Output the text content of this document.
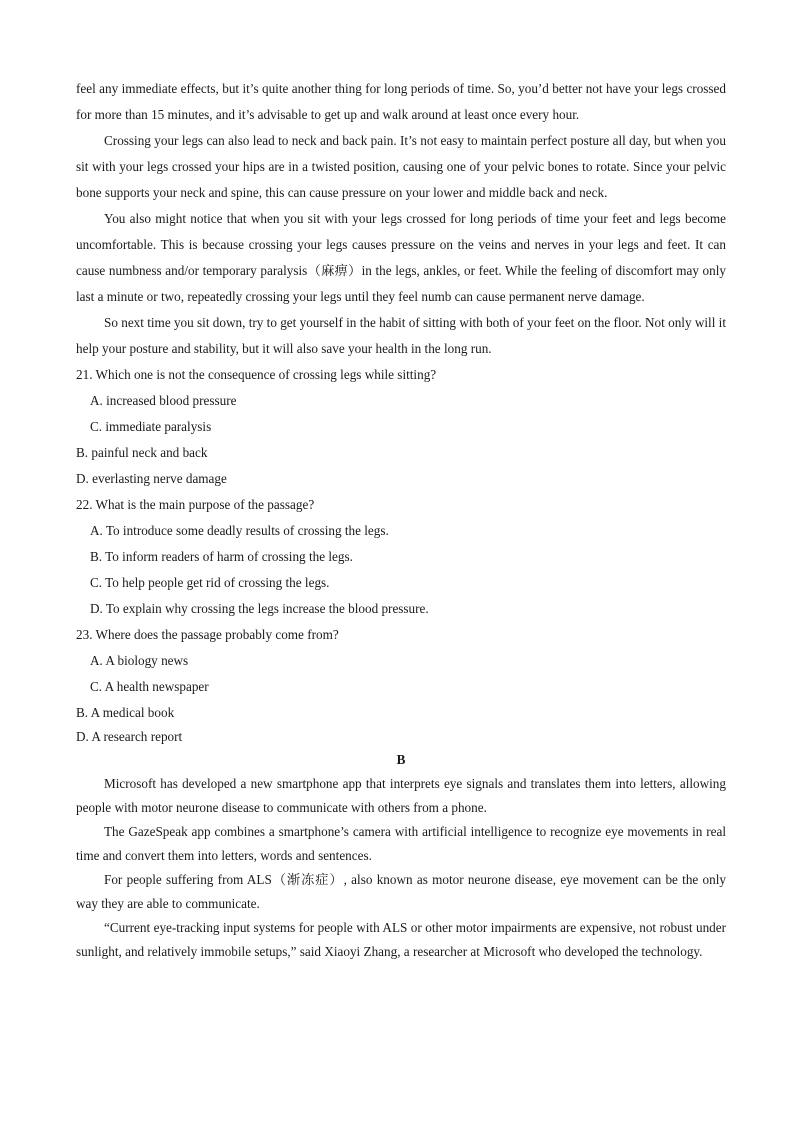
feel any immediate effects, but it’s quite another thing for long periods of time. So, you’d better not have your legs crossed for more than 15 minutes, and it’s advisable to get up and walk around at least once every hour.

Crossing your legs can also lead to neck and back pain. It’s not easy to maintain perfect posture all day, but when you sit with your legs crossed your hips are in a twisted position, causing one of your pelvic bones to rotate. Since your pelvic bone supports your neck and spine, this can cause pressure on your lower and middle back and neck.

You also might notice that when you sit with your legs crossed for long periods of time your feet and legs become uncomfortable. This is because crossing your legs causes pressure on the veins and nerves in your legs and feet. It can cause numbness and/or temporary paralysis（麻痹）in the legs, ankles, or feet. While the feeling of discomfort may only last a minute or two, repeatedly crossing your legs until they feel numb can cause permanent nerve damage.

So next time you sit down, try to get yourself in the habit of sitting with both of your feet on the floor. Not only will it help your posture and stability, but it will also save your health in the long run.

21. Which one is not the consequence of crossing legs while sitting?

A. increased blood pressure

C. immediate paralysis

B. painful neck and back

D. everlasting nerve damage

22. What is the main purpose of the passage?

A. To introduce some deadly results of crossing the legs.

B. To inform readers of harm of crossing the legs.

C. To help people get rid of crossing the legs.

D. To explain why crossing the legs increase the blood pressure.

23. Where does the passage probably come from?

A. A biology news

C. A health newspaper

B. A medical book

D. A research report

B

Microsoft has developed a new smartphone app that interprets eye signals and translates them into letters, allowing people with motor neurone disease to communicate with others from a phone.

The GazeSpeak app combines a smartphone’s camera with artificial intelligence to recognize eye movements in real time and convert them into letters, words and sentences.

For people suffering from ALS（渐冻症）, also known as motor neurone disease, eye movement can be the only way they are able to communicate.

“Current eye-tracking input systems for people with ALS or other motor impairments are expensive, not robust under sunlight, and relatively immobile setups,” said Xiaoyi Zhang, a researcher at Microsoft who developed the technology.
